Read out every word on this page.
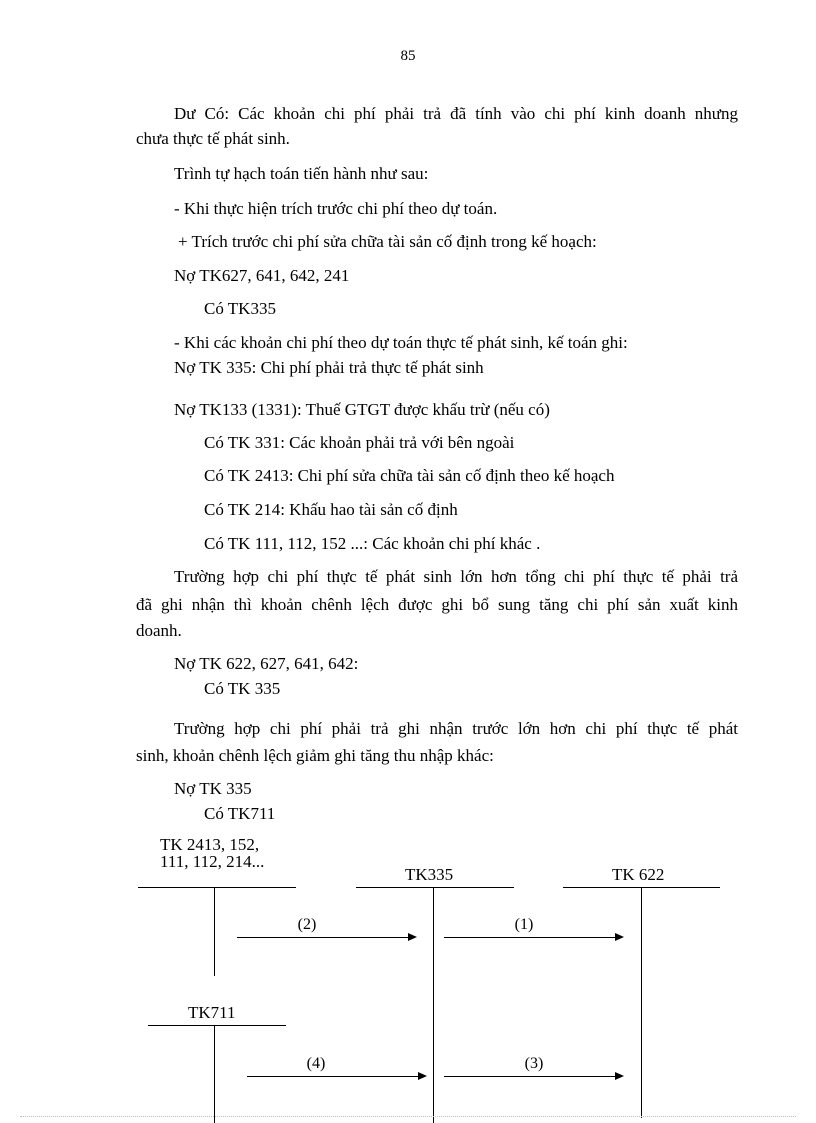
85
Dư Có: Các khoản chi phí phải trả đã tính vào chi phí kinh doanh nhưng
chưa thực tế phát sinh.
Trình tự hạch toán tiến hành như sau:
- Khi thực hiện trích trước chi phí theo dự toán.
+ Trích trước chi phí sửa chữa tài sản cố định trong kế hoạch:
Nợ TK627, 641, 642, 241
Có TK335
- Khi các khoản chi phí theo dự toán thực tế phát sinh, kế toán ghi:
Nợ TK 335: Chi phí phải trả thực tế phát sinh
Nợ TK133 (1331): Thuế GTGT được khấu trừ (nếu có)
Có TK 331: Các khoản phải trả với bên ngoài
Có TK 2413: Chi phí sửa chữa tài sản cố định theo kế hoạch
Có TK 214: Khấu hao tài sản cố định
Có TK 111, 112, 152 ...: Các khoản chi phí khác .
Trường hợp chi phí thực tế phát sinh lớn hơn tổng chi phí thực tế phải trả
đã ghi nhận thì khoản chênh lệch được ghi bổ sung tăng chi phí sản xuất kinh
doanh.
Nợ TK 622, 627, 641, 642:
Có TK 335
Trường hợp chi phí phải trả ghi nhận trước lớn hơn chi phí thực tế phát
sinh, khoản chênh lệch giảm ghi tăng thu nhập khác:
Nợ TK 335
Có TK711
TK 2413, 152,
111, 112, 214...
TK335	TK 622
TK711
(2)	(1)
(4)	(3)
